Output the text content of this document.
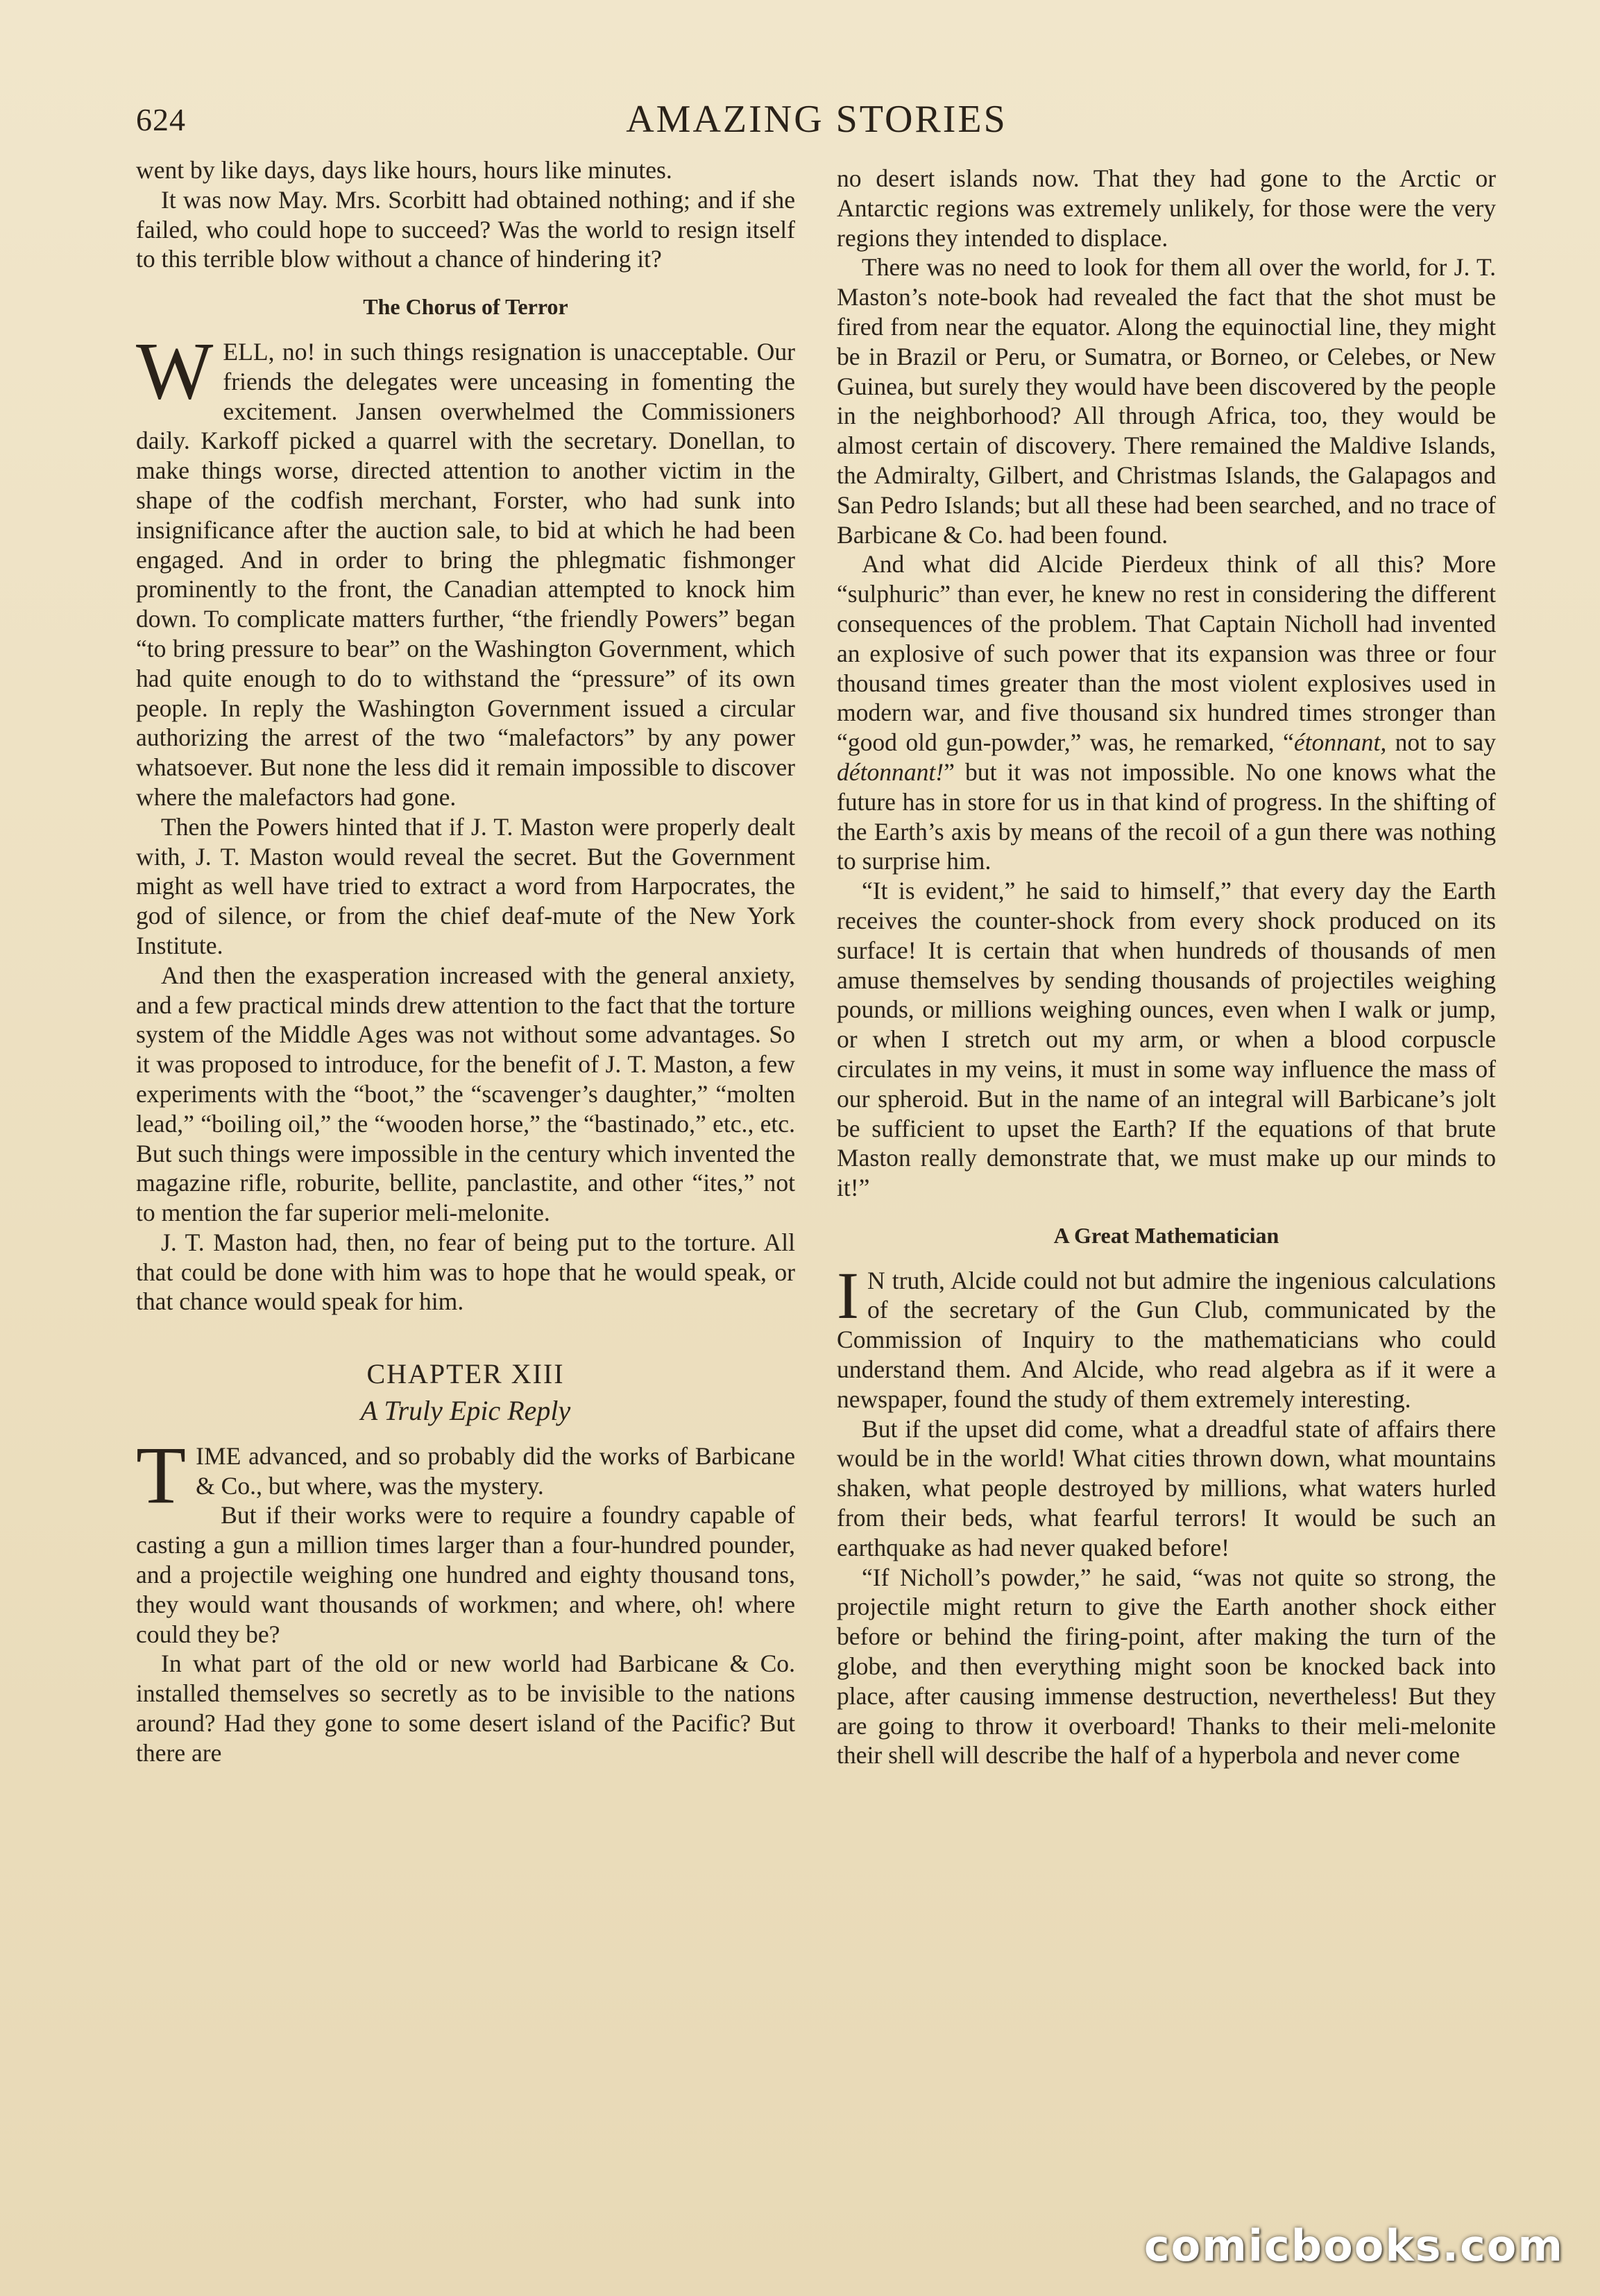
624	AMAZING STORIES

went by like days, days like hours, hours like minutes.

It was now May. Mrs. Scorbitt had obtained nothing; and if she failed, who could hope to succeed? Was the world to resign itself to this terrible blow without a chance of hindering it?

The Chorus of Terror

WELL, no! in such things resignation is unacceptable. Our friends the delegates were unceasing in fomenting the excitement. Jansen overwhelmed the Commissioners daily. Karkoff picked a quarrel with the secretary. Donellan, to make things worse, directed attention to another victim in the shape of the codfish merchant, Forster, who had sunk into insignificance after the auction sale, to bid at which he had been engaged. And in order to bring the phlegmatic fishmonger prominently to the front, the Canadian attempted to knock him down. To complicate matters further, “the friendly Powers” began “to bring pressure to bear” on the Washington Government, which had quite enough to do to withstand the “pressure” of its own people. In reply the Washington Government issued a circular authorizing the arrest of the two “malefactors” by any power whatsoever. But none the less did it remain impossible to discover where the malefactors had gone.

Then the Powers hinted that if J. T. Maston were properly dealt with, J. T. Maston would reveal the secret. But the Government might as well have tried to extract a word from Harpocrates, the god of silence, or from the chief deaf-mute of the New York Institute.

And then the exasperation increased with the general anxiety, and a few practical minds drew attention to the fact that the torture system of the Middle Ages was not without some advantages. So it was proposed to introduce, for the benefit of J. T. Maston, a few experiments with the “boot,” the “scavenger’s daughter,” “molten lead,” “boiling oil,” the “wooden horse,” the “bastinado,” etc., etc. But such things were impossible in the century which invented the magazine rifle, roburite, bellite, panclastite, and other “ites,” not to mention the far superior meli-melonite.

J. T. Maston had, then, no fear of being put to the torture. All that could be done with him was to hope that he would speak, or that chance would speak for him.

CHAPTER XIII
A Truly Epic Reply

TIME advanced, and so probably did the works of Barbicane & Co., but where, was the mystery.

But if their works were to require a foundry capable of casting a gun a million times larger than a four-hundred pounder, and a projectile weighing one hundred and eighty thousand tons, they would want thousands of workmen; and where, oh! where could they be?

In what part of the old or new world had Barbicane & Co. installed themselves so secretly as to be invisible to the nations around? Had they gone to some desert island of the Pacific? But there are

no desert islands now. That they had gone to the Arctic or Antarctic regions was extremely unlikely, for those were the very regions they intended to displace.

There was no need to look for them all over the world, for J. T. Maston’s note-book had revealed the fact that the shot must be fired from near the equator. Along the equinoctial line, they might be in Brazil or Peru, or Sumatra, or Borneo, or Celebes, or New Guinea, but surely they would have been discovered by the people in the neighborhood? All through Africa, too, they would be almost certain of discovery. There remained the Maldive Islands, the Admiralty, Gilbert, and Christmas Islands, the Galapagos and San Pedro Islands; but all these had been searched, and no trace of Barbicane & Co. had been found.

And what did Alcide Pierdeux think of all this? More “sulphuric” than ever, he knew no rest in considering the different consequences of the problem. That Captain Nicholl had invented an explosive of such power that its expansion was three or four thousand times greater than the most violent explosives used in modern war, and five thousand six hundred times stronger than “good old gun-powder,” was, he remarked, “étonnant, not to say détonnant!” but it was not impossible. No one knows what the future has in store for us in that kind of progress. In the shifting of the Earth’s axis by means of the recoil of a gun there was nothing to surprise him.

“It is evident,” he said to himself,” that every day the Earth receives the counter-shock from every shock produced on its surface! It is certain that when hundreds of thousands of men amuse themselves by sending thousands of projectiles weighing pounds, or millions weighing ounces, even when I walk or jump, or when I stretch out my arm, or when a blood corpuscle circulates in my veins, it must in some way influence the mass of our spheroid. But in the name of an integral will Barbicane’s jolt be sufficient to upset the Earth? If the equations of that brute Maston really demonstrate that, we must make up our minds to it!”

A Great Mathematician

I N truth, Alcide could not but admire the ingenious calculations of the secretary of the Gun Club, communicated by the Commission of Inquiry to the mathematicians who could understand them. And Alcide, who read algebra as if it were a newspaper, found the study of them extremely interesting.

But if the upset did come, what a dreadful state of affairs there would be in the world! What cities thrown down, what mountains shaken, what people destroyed by millions, what waters hurled from their beds, what fearful terrors! It would be such an earthquake as had never quaked before!

“If Nicholl’s powder,” he said, “was not quite so strong, the projectile might return to give the Earth another shock either before or behind the firing-point, after making the turn of the globe, and then everything might soon be knocked back into place, after causing immense destruction, nevertheless! But they are going to throw it overboard! Thanks to their meli-melonite their shell will describe the half of a hyperbola and never come

comicbooks.com
